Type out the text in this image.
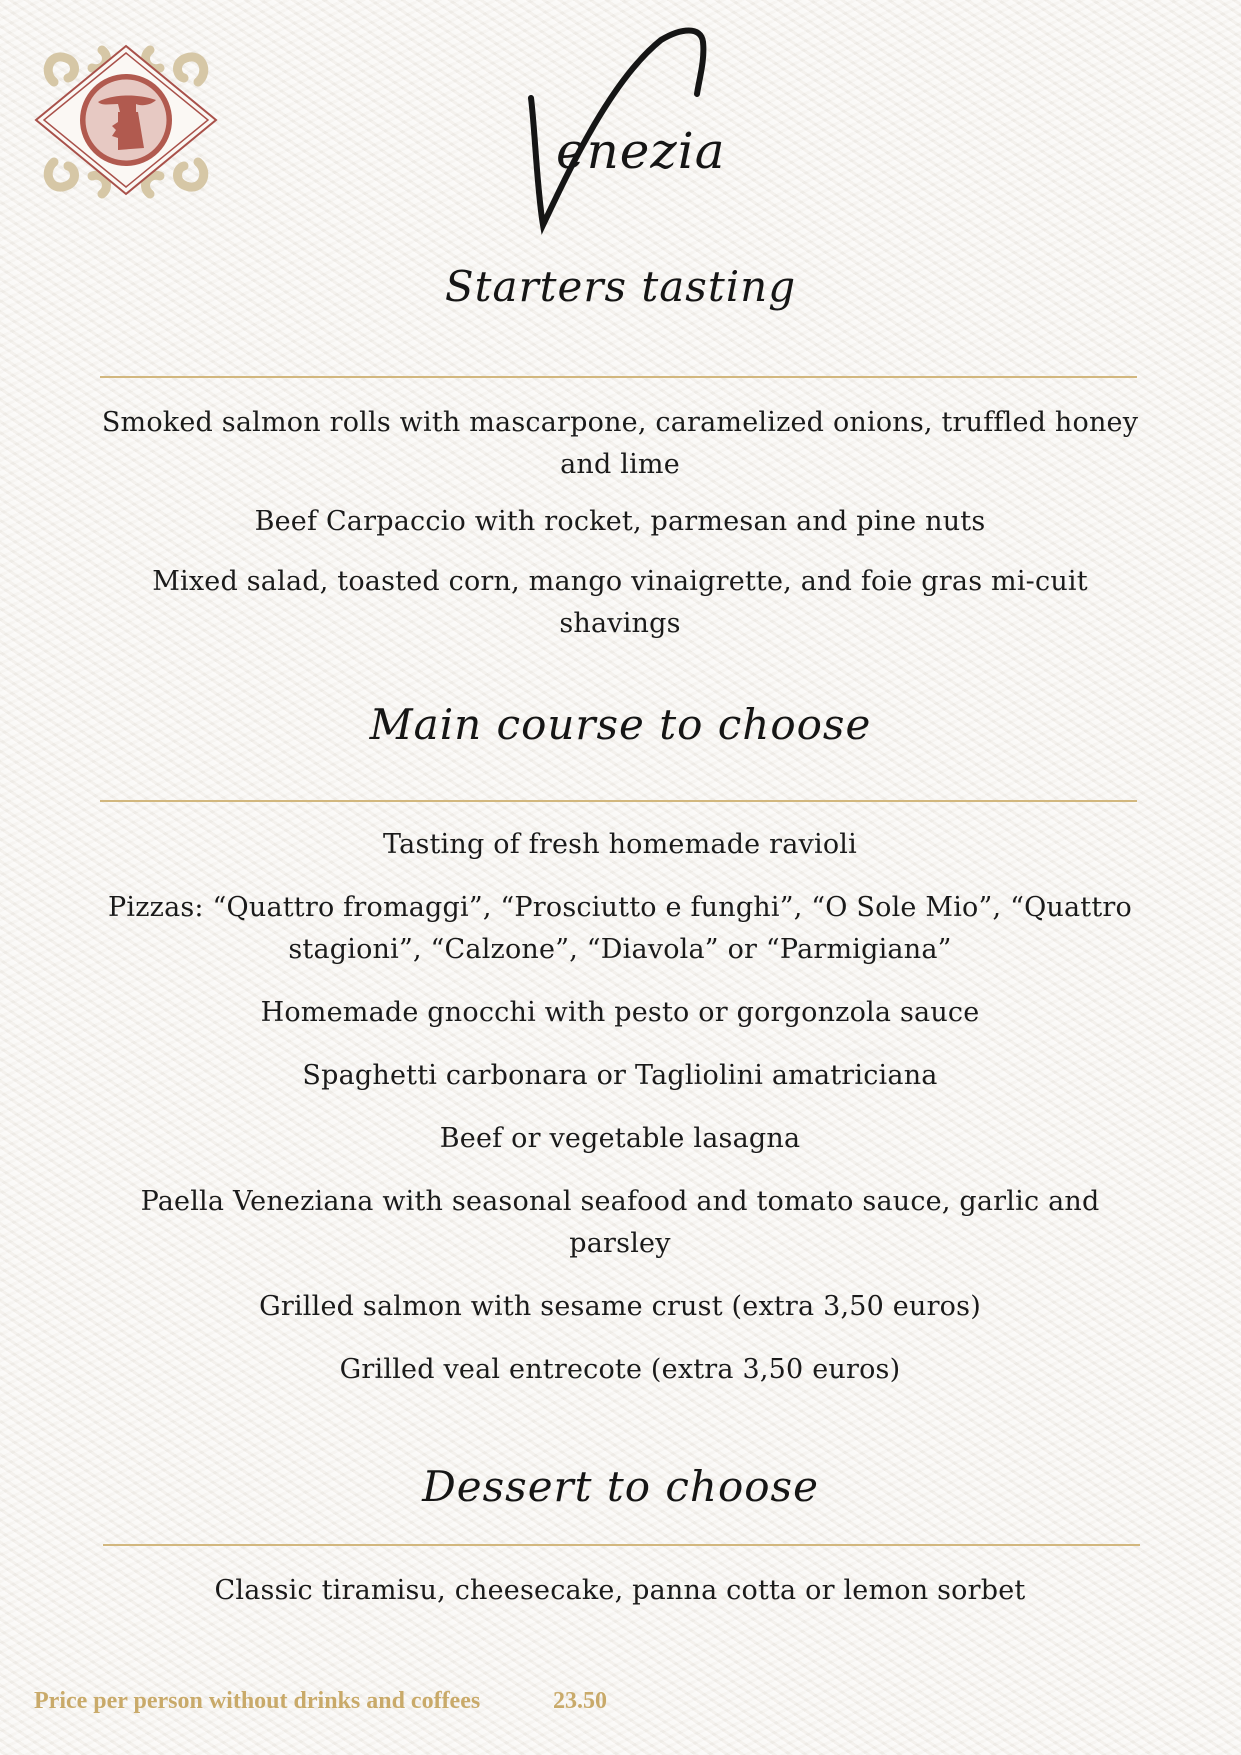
enezia
Starters tasting
Smoked salmon rolls with mascarpone, caramelized onions, truffled honey and lime
Beef Carpaccio with rocket, parmesan and pine nuts
Mixed salad, toasted corn, mango vinaigrette, and foie gras mi-cuit shavings
Main course to choose
Tasting of fresh homemade ravioli
Pizzas: “Quattro fromaggi”, “Prosciutto e funghi”, “O Sole Mio”, “Quattro stagioni”, “Calzone”, “Diavola” or “Parmigiana”
Homemade gnocchi with pesto or gorgonzola sauce
Spaghetti carbonara or Tagliolini amatriciana
Beef or vegetable lasagna
Paella Veneziana with seasonal seafood and tomato sauce, garlic and parsley
Grilled salmon with sesame crust (extra 3,50 euros)
Grilled veal entrecote (extra 3,50 euros)
Dessert to choose
Classic tiramisu, cheesecake, panna cotta or lemon sorbet
Price per person without drinks and coffees	23.50
